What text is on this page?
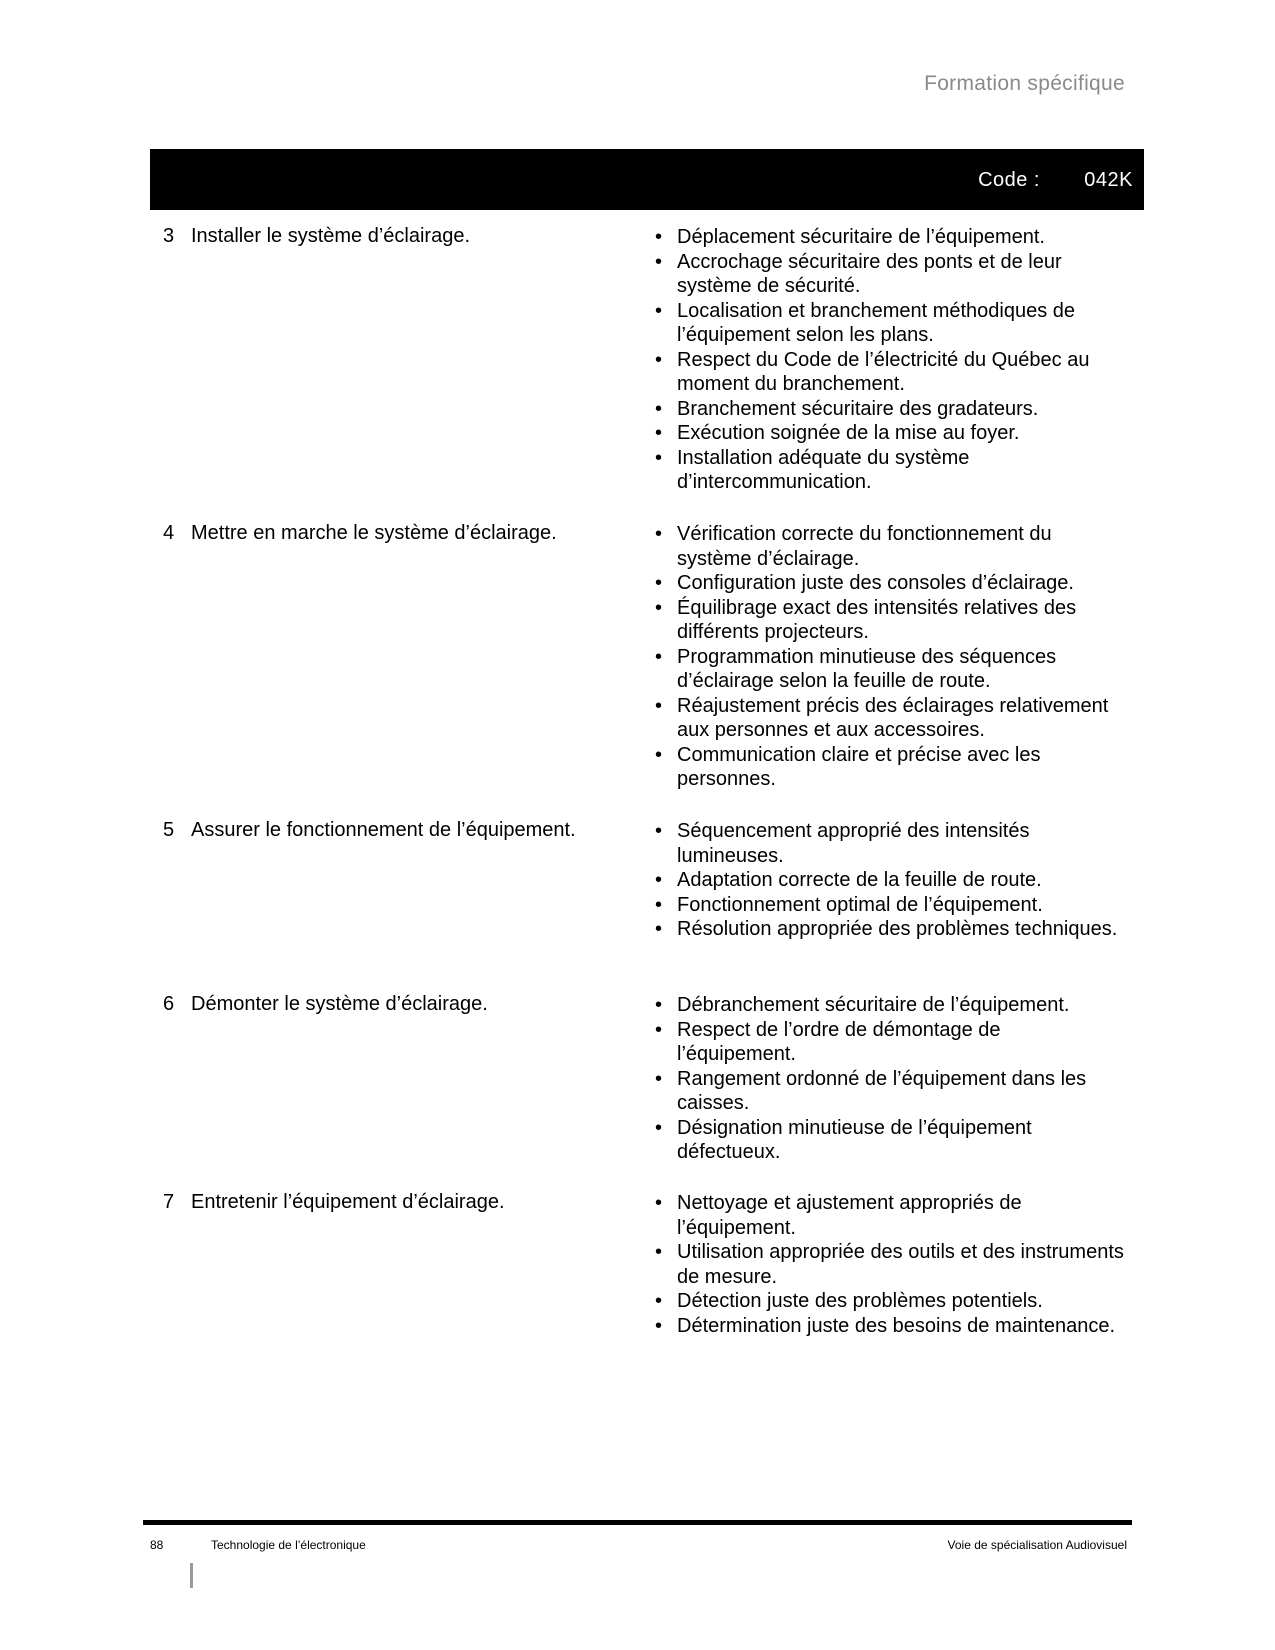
Formation spécifique
Code : 042K
3 Installer le système d’éclairage.	• Déplacement sécuritaire de l’équipement.
• Accrochage sécuritaire des ponts et de leur système de sécurité.
• Localisation et branchement méthodiques de l’équipement selon les plans.
• Respect du Code de l’électricité du Québec au moment du branchement.
• Branchement sécuritaire des gradateurs.
• Exécution soignée de la mise au foyer.
• Installation adéquate du système d’intercommunication.
4 Mettre en marche le système d’éclairage.	• Vérification correcte du fonctionnement du système d’éclairage.
• Configuration juste des consoles d’éclairage.
• Équilibrage exact des intensités relatives des différents projecteurs.
• Programmation minutieuse des séquences d’éclairage selon la feuille de route.
• Réajustement précis des éclairages relativement aux personnes et aux accessoires.
• Communication claire et précise avec les personnes.
5 Assurer le fonctionnement de l’équipement.	• Séquencement approprié des intensités lumineuses.
• Adaptation correcte de la feuille de route.
• Fonctionnement optimal de l’équipement.
• Résolution appropriée des problèmes techniques.
6 Démonter le système d’éclairage.	• Débranchement sécuritaire de l’équipement.
• Respect de l’ordre de démontage de l’équipement.
• Rangement ordonné de l’équipement dans les caisses.
• Désignation minutieuse de l’équipement défectueux.
7 Entretenir l’équipement d’éclairage.	• Nettoyage et ajustement appropriés de l’équipement.
• Utilisation appropriée des outils et des instruments de mesure.
• Détection juste des problèmes potentiels.
• Détermination juste des besoins de maintenance.
88	Technologie de l’électronique	Voie de spécialisation Audiovisuel
